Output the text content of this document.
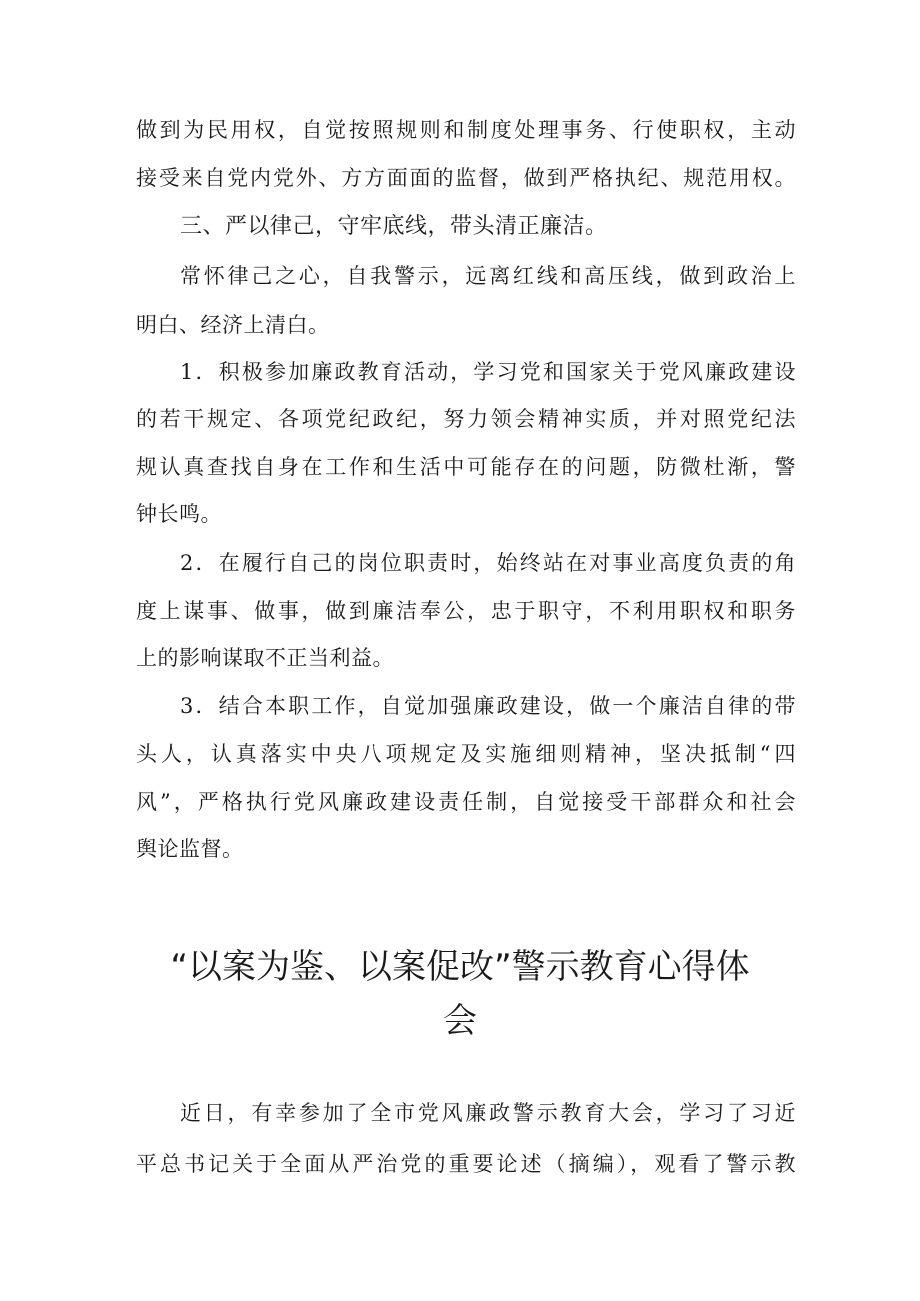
做到为民用权，自觉按照规则和制度处理事务、行使职权，主动
接受来自党内党外、方方面面的监督，做到严格执纪、规范用权。
三、严以律己，守牢底线，带头清正廉洁。
常怀律己之心，自我警示，远离红线和高压线，做到政治上
明白、经济上清白。
1．积极参加廉政教育活动，学习党和国家关于党风廉政建设
的若干规定、各项党纪政纪，努力领会精神实质，并对照党纪法
规认真查找自身在工作和生活中可能存在的问题，防微杜渐，警
钟长鸣。
2．在履行自己的岗位职责时，始终站在对事业高度负责的角
度上谋事、做事，做到廉洁奉公，忠于职守，不利用职权和职务
上的影响谋取不正当利益。
3．结合本职工作，自觉加强廉政建设，做一个廉洁自律的带
头人，认真落实中央八项规定及实施细则精神，坚决抵制“四
风”，严格执行党风廉政建设责任制，自觉接受干部群众和社会
舆论监督。
“以案为鉴、以案促改”警示教育心得体
会
近日，有幸参加了全市党风廉政警示教育大会，学习了习近
平总书记关于全面从严治党的重要论述（摘编），观看了警示教
